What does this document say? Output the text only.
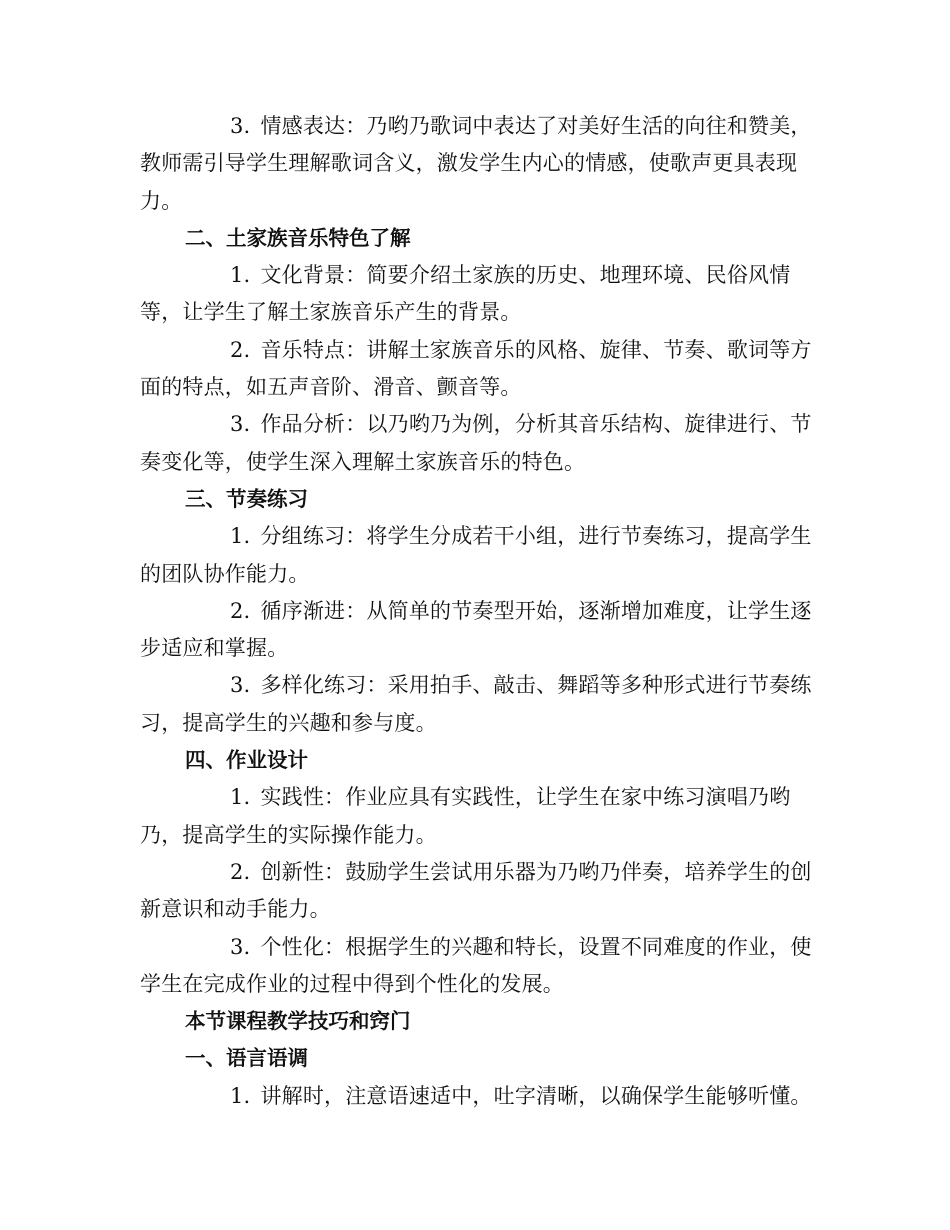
3. 情感表达：乃哟乃歌词中表达了对美好生活的向往和赞美，教师需引导学生理解歌词含义，激发学生内心的情感，使歌声更具表现力。

二、土家族音乐特色了解

1. 文化背景：简要介绍土家族的历史、地理环境、民俗风情等，让学生了解土家族音乐产生的背景。

2. 音乐特点：讲解土家族音乐的风格、旋律、节奏、歌词等方面的特点，如五声音阶、滑音、颤音等。

3. 作品分析：以乃哟乃为例，分析其音乐结构、旋律进行、节奏变化等，使学生深入理解土家族音乐的特色。

三、节奏练习

1. 分组练习：将学生分成若干小组，进行节奏练习，提高学生的团队协作能力。

2. 循序渐进：从简单的节奏型开始，逐渐增加难度，让学生逐步适应和掌握。

3. 多样化练习：采用拍手、敲击、舞蹈等多种形式进行节奏练习，提高学生的兴趣和参与度。

四、作业设计

1. 实践性：作业应具有实践性，让学生在家中练习演唱乃哟乃，提高学生的实际操作能力。

2. 创新性：鼓励学生尝试用乐器为乃哟乃伴奏，培养学生的创新意识和动手能力。

3. 个性化：根据学生的兴趣和特长，设置不同难度的作业，使学生在完成作业的过程中得到个性化的发展。

本节课程教学技巧和窍门

一、语言语调

1. 讲解时，注意语速适中，吐字清晰，以确保学生能够听懂。
